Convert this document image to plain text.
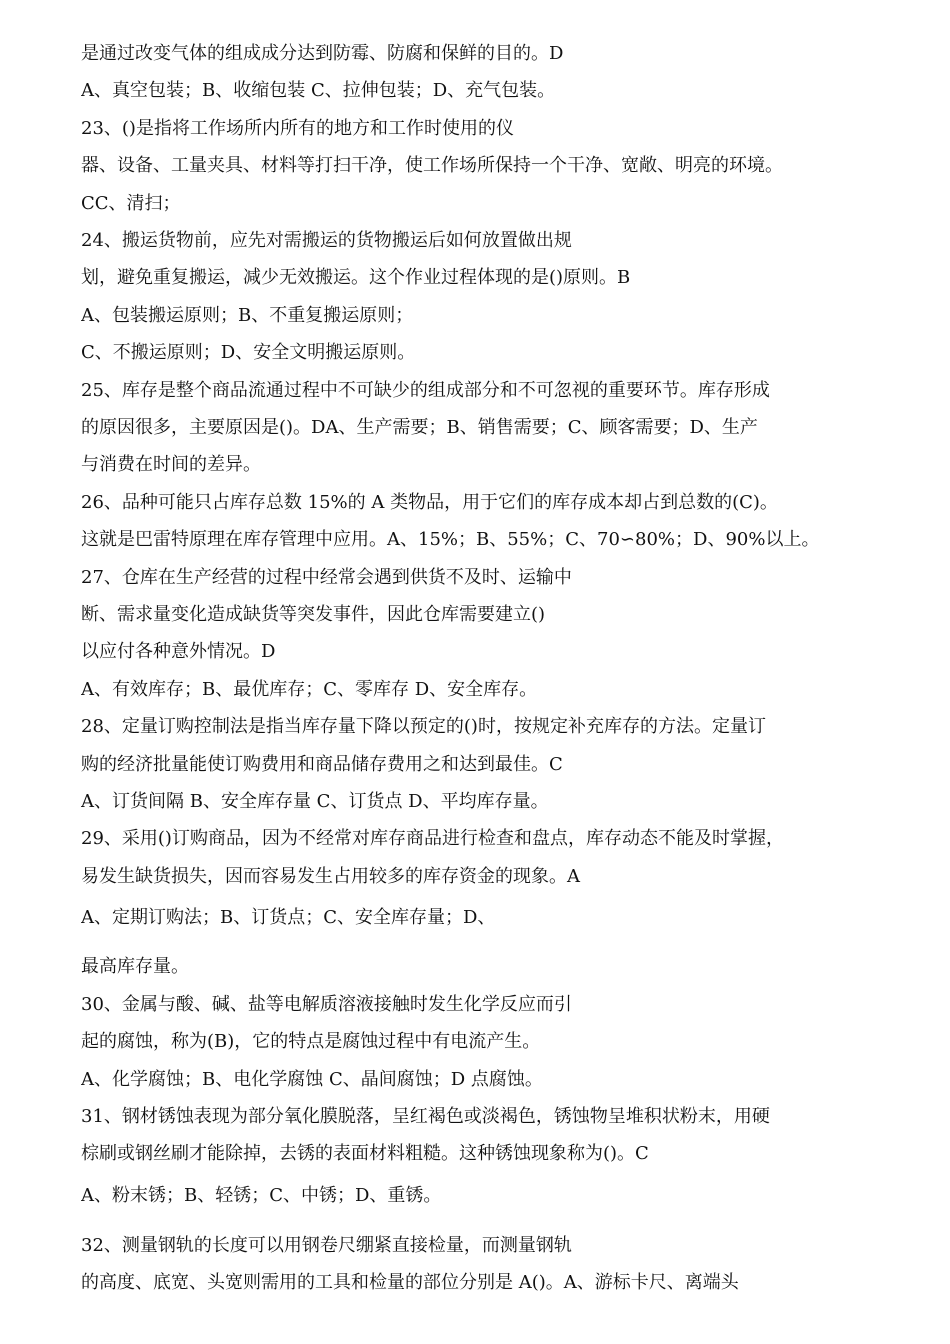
是通过改变气体的组成成分达到防霉、防腐和保鲜的目的。D
A、真空包装；B、收缩包装 C、拉伸包装；D、充气包装。
23、()是指将工作场所内所有的地方和工作时使用的仪
器、设备、工量夹具、材料等打扫干净，使工作场所保持一个干净、宽敞、明亮的环境。
CC、清扫；
24、搬运货物前，应先对需搬运的货物搬运后如何放置做出规
划，避免重复搬运，减少无效搬运。这个作业过程体现的是()原则。B
A、包装搬运原则；B、不重复搬运原则；
C、不搬运原则；D、安全文明搬运原则。
25、库存是整个商品流通过程中不可缺少的组成部分和不可忽视的重要环节。库存形成
的原因很多，主要原因是()。DA、生产需要；B、销售需要；C、顾客需要；D、生产
与消费在时间的差异。
26、品种可能只占库存总数 15%的 A 类物品，用于它们的库存成本却占到总数的(C)。
这就是巴雷特原理在库存管理中应用。A、15%；B、55%；C、70∽80%；D、90%以上。
27、仓库在生产经营的过程中经常会遇到供货不及时、运输中
断、需求量变化造成缺货等突发事件，因此仓库需要建立()
以应付各种意外情况。D
A、有效库存；B、最优库存；C、零库存 D、安全库存。
28、定量订购控制法是指当库存量下降以预定的()时，按规定补充库存的方法。定量订
购的经济批量能使订购费用和商品储存费用之和达到最佳。C
A、订货间隔 B、安全库存量 C、订货点 D、平均库存量。
29、采用()订购商品，因为不经常对库存商品进行检查和盘点，库存动态不能及时掌握，
易发生缺货损失，因而容易发生占用较多的库存资金的现象。A
A、定期订购法；B、订货点；C、安全库存量；D、
最高库存量。
30、金属与酸、碱、盐等电解质溶液接触时发生化学反应而引
起的腐蚀，称为(B)，它的特点是腐蚀过程中有电流产生。
A、化学腐蚀；B、电化学腐蚀 C、晶间腐蚀；D 点腐蚀。
31、钢材锈蚀表现为部分氧化膜脱落，呈红褐色或淡褐色，锈蚀物呈堆积状粉末，用硬
棕刷或钢丝刷才能除掉，去锈的表面材料粗糙。这种锈蚀现象称为()。C
A、粉末锈；B、轻锈；C、中锈；D、重锈。
32、测量钢轨的长度可以用钢卷尺绷紧直接检量，而测量钢轨
的高度、底宽、头宽则需用的工具和检量的部位分别是 A()。A、游标卡尺、离端头
